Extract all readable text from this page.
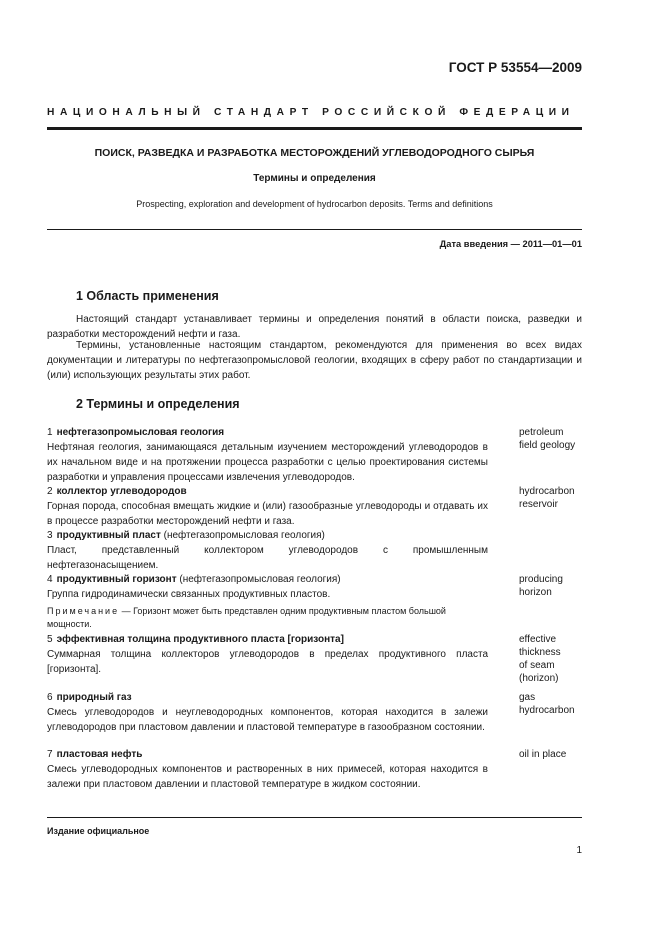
ГОСТ Р 53554—2009
НАЦИОНАЛЬНЫЙ СТАНДАРТ РОССИЙСКОЙ ФЕДЕРАЦИИ
ПОИСК, РАЗВЕДКА И РАЗРАБОТКА МЕСТОРОЖДЕНИЙ УГЛЕВОДОРОДНОГО СЫРЬЯ
Термины и определения
Prospecting, exploration and development of hydrocarbon deposits. Terms and definitions
Дата введения — 2011—01—01
1 Область применения
Настоящий стандарт устанавливает термины и определения понятий в области поиска, разведки и разработки месторождений нефти и газа.
Термины, установленные настоящим стандартом, рекомендуются для применения во всех видах документации и литературы по нефтегазопромысловой геологии, входящих в сферу работ по стандартизации и (или) использующих результаты этих работ.
2 Термины и определения
1 нефтегазопромысловая геология
Нефтяная геология, занимающаяся детальным изучением месторождений углеводородов в их начальном виде и на протяжении процесса разработки с целью проектирования системы разработки и управления процессами извлечения углеводородов.
petroleum
field geology
2 коллектор углеводородов
Горная порода, способная вмещать жидкие и (или) газообразные углеводороды и отдавать их в процессе разработки месторождений нефти и газа.
hydrocarbon
reservoir
3 продуктивный пласт (нефтегазопромысловая геология)
Пласт, представленный коллектором углеводородов с промышленным нефтегазонасыщением.
4 продуктивный горизонт (нефтегазопромысловая геология)
Группа гидродинамически связанных продуктивных пластов.
producing
horizon
Примечание — Горизонт может быть представлен одним продуктивным пластом большой мощности.
5 эффективная толщина продуктивного пласта [горизонта]
Суммарная толщина коллекторов углеводородов в пределах продуктивного пласта [горизонта].
effective
thickness
of seam
(horizon)
6 природный газ
Смесь углеводородов и неуглеводородных компонентов, которая находится в залежи углеводородов при пластовом давлении и пластовой температуре в газообразном состоянии.
gas
hydrocarbon
7 пластовая нефть
Смесь углеводородных компонентов и растворенных в них примесей, которая находится в залежи при пластовом давлении и пластовой температуре в жидком состоянии.
oil in place
Издание официальное
1
